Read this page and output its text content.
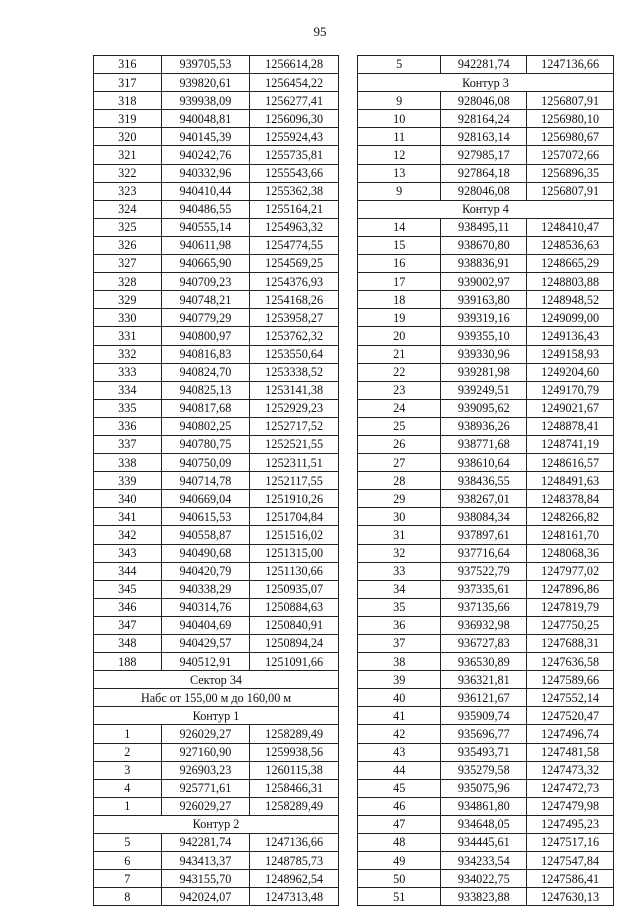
95
316	939705,53	1256614,28
317	939820,61	1256454,22
318	939938,09	1256277,41
319	940048,81	1256096,30
320	940145,39	1255924,43
321	940242,76	1255735,81
322	940332,96	1255543,66
323	940410,44	1255362,38
324	940486,55	1255164,21
325	940555,14	1254963,32
326	940611,98	1254774,55
327	940665,90	1254569,25
328	940709,23	1254376,93
329	940748,21	1254168,26
330	940779,29	1253958,27
331	940800,97	1253762,32
332	940816,83	1253550,64
333	940824,70	1253338,52
334	940825,13	1253141,38
335	940817,68	1252929,23
336	940802,25	1252717,52
337	940780,75	1252521,55
338	940750,09	1252311,51
339	940714,78	1252117,55
340	940669,04	1251910,26
341	940615,53	1251704,84
342	940558,87	1251516,02
343	940490,68	1251315,00
344	940420,79	1251130,66
345	940338,29	1250935,07
346	940314,76	1250884,63
347	940404,69	1250840,91
348	940429,57	1250894,24
188	940512,91	1251091,66
Сектор 34		
Набс от 155,00 м до 160,00 м		
Контур 1		
1	926029,27	1258289,49
2	927160,90	1259938,56
3	926903,23	1260115,38
4	925771,61	1258466,31
1	926029,27	1258289,49
Контур 2		
5	942281,74	1247136,66
6	943413,37	1248785,73
7	943155,70	1248962,54
8	942024,07	1247313,48
5	942281,74	1247136,66
Контур 3		
9	928046,08	1256807,91
10	928164,24	1256980,10
11	928163,14	1256980,67
12	927985,17	1257072,66
13	927864,18	1256896,35
9	928046,08	1256807,91
Контур 4		
14	938495,11	1248410,47
15	938670,80	1248536,63
16	938836,91	1248665,29
17	939002,97	1248803,88
18	939163,80	1248948,52
19	939319,16	1249099,00
20	939355,10	1249136,43
21	939330,96	1249158,93
22	939281,98	1249204,60
23	939249,51	1249170,79
24	939095,62	1249021,67
25	938936,26	1248878,41
26	938771,68	1248741,19
27	938610,64	1248616,57
28	938436,55	1248491,63
29	938267,01	1248378,84
30	938084,34	1248266,82
31	937897,61	1248161,70
32	937716,64	1248068,36
33	937522,79	1247977,02
34	937335,61	1247896,86
35	937135,66	1247819,79
36	936932,98	1247750,25
37	936727,83	1247688,31
38	936530,89	1247636,58
39	936321,81	1247589,66
40	936121,67	1247552,14
41	935909,74	1247520,47
42	935696,77	1247496,74
43	935493,71	1247481,58
44	935279,58	1247473,32
45	935075,96	1247472,73
46	934861,80	1247479,98
47	934648,05	1247495,23
48	934445,61	1247517,16
49	934233,54	1247547,84
50	934022,75	1247586,41
51	933823,88	1247630,13
